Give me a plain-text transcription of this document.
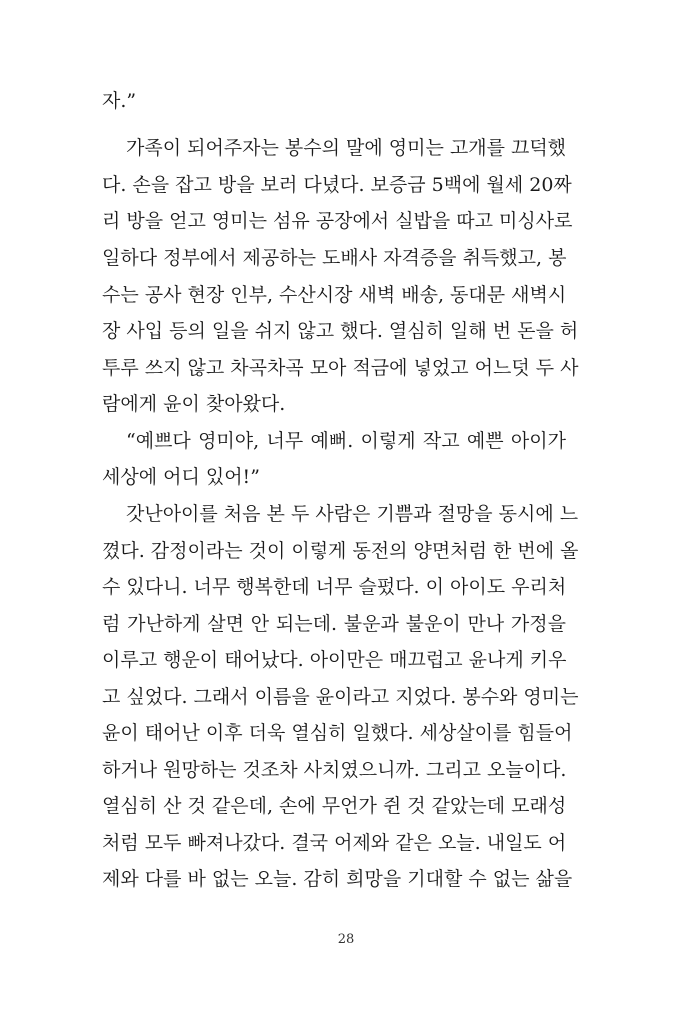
자.”
가족이 되어주자는 봉수의 말에 영미는 고개를 끄덕했
다. 손을 잡고 방을 보러 다녔다. 보증금 5백에 월세 20짜
리 방을 얻고 영미는 섬유 공장에서 실밥을 따고 미싱사로
일하다 정부에서 제공하는 도배사 자격증을 취득했고, 봉
수는 공사 현장 인부, 수산시장 새벽 배송, 동대문 새벽시
장 사입 등의 일을 쉬지 않고 했다. 열심히 일해 번 돈을 허
투루 쓰지 않고 차곡차곡 모아 적금에 넣었고 어느덧 두 사
람에게 윤이 찾아왔다.
“예쁘다 영미야, 너무 예뻐. 이렇게 작고 예쁜 아이가
세상에 어디 있어!”
갓난아이를 처음 본 두 사람은 기쁨과 절망을 동시에 느
꼈다. 감정이라는 것이 이렇게 동전의 양면처럼 한 번에 올
수 있다니. 너무 행복한데 너무 슬펐다. 이 아이도 우리처
럼 가난하게 살면 안 되는데. 불운과 불운이 만나 가정을
이루고 행운이 태어났다. 아이만은 매끄럽고 윤나게 키우
고 싶었다. 그래서 이름을 윤이라고 지었다. 봉수와 영미는
윤이 태어난 이후 더욱 열심히 일했다. 세상살이를 힘들어
하거나 원망하는 것조차 사치였으니까. 그리고 오늘이다.
열심히 산 것 같은데, 손에 무언가 쥔 것 같았는데 모래성
처럼 모두 빠져나갔다. 결국 어제와 같은 오늘. 내일도 어
제와 다를 바 없는 오늘. 감히 희망을 기대할 수 없는 삶을
28
